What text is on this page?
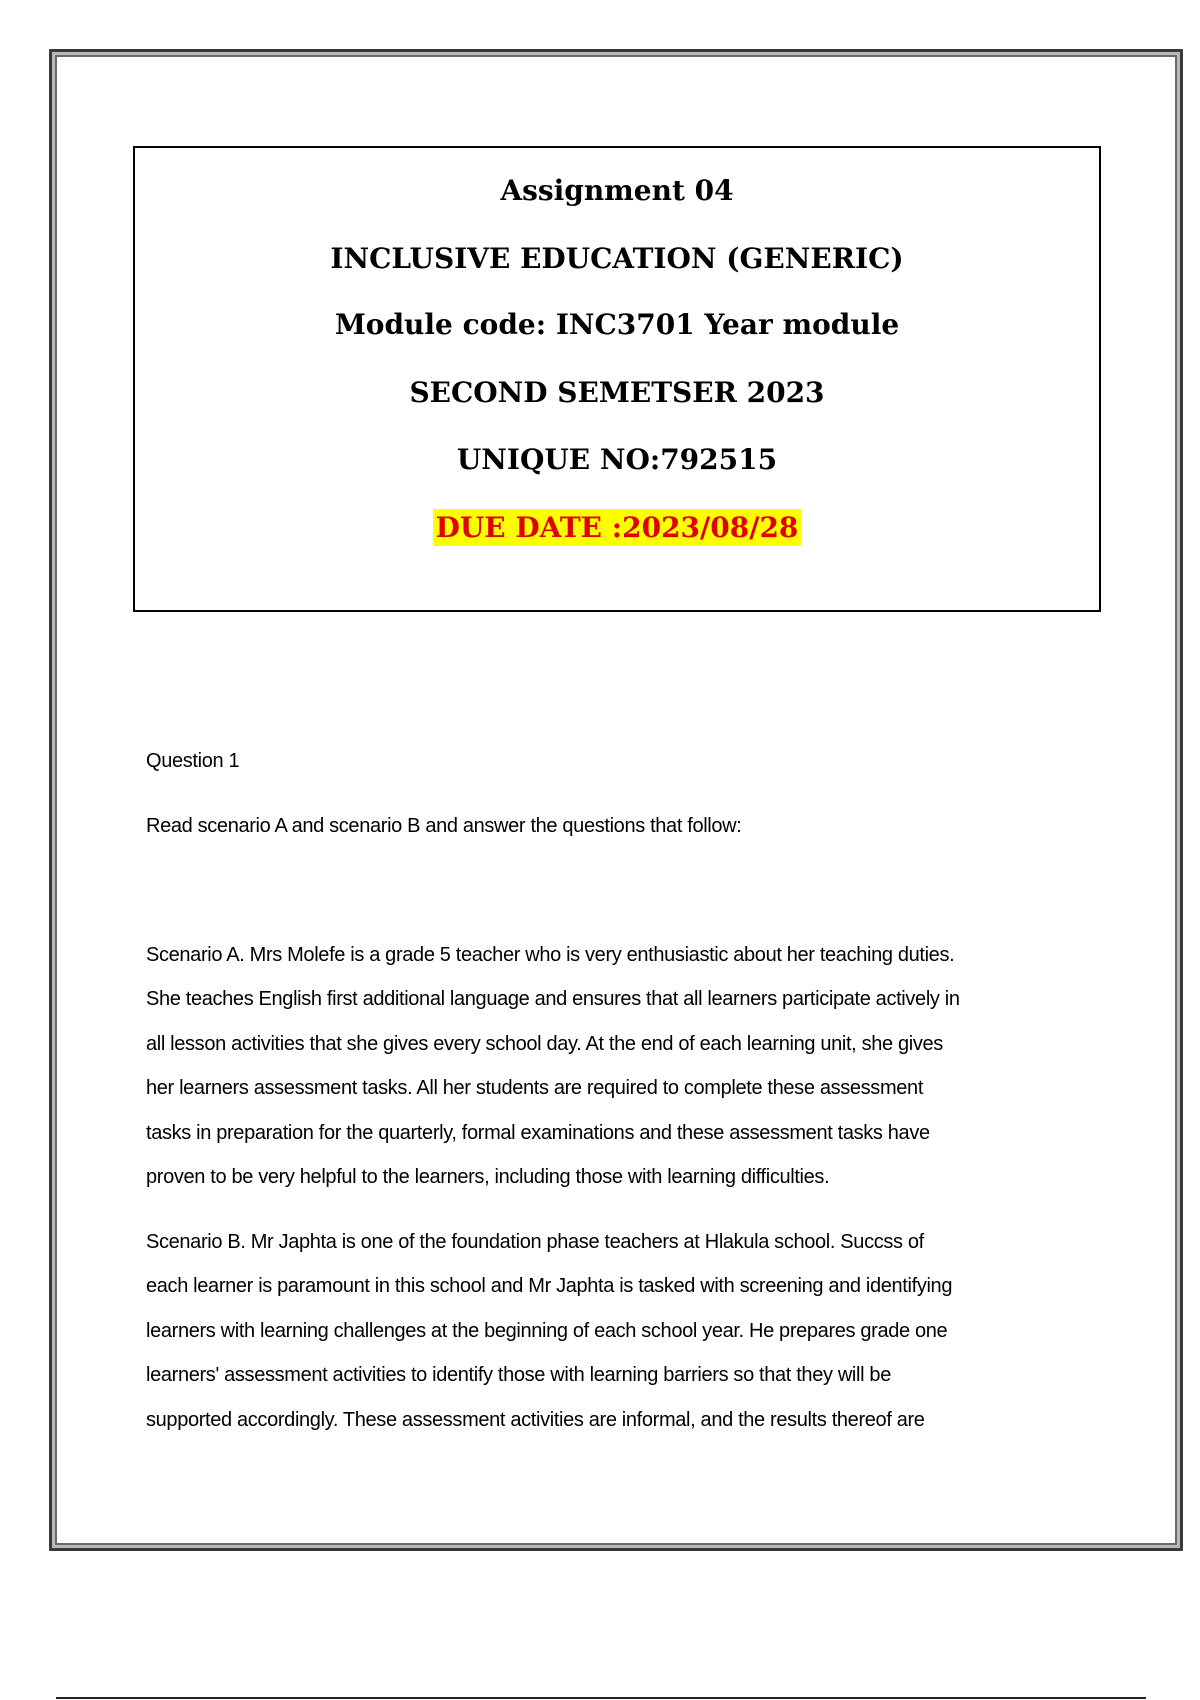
Assignment 04
INCLUSIVE EDUCATION (GENERIC)
Module code: INC3701 Year module
SECOND SEMETSER 2023
UNIQUE NO:792515
DUE DATE :2023/08/28
Question 1
Read scenario A and scenario B and answer the questions that follow:
Scenario A. Mrs Molefe is a grade 5 teacher who is very enthusiastic about her teaching duties.
She teaches English first additional language and ensures that all learners participate actively in
all lesson activities that she gives every school day. At the end of each learning unit, she gives
her learners assessment tasks. All her students are required to complete these assessment
tasks in preparation for the quarterly, formal examinations and these assessment tasks have
proven to be very helpful to the learners, including those with learning difficulties.
Scenario B. Mr Japhta is one of the foundation phase teachers at Hlakula school. Succss of
each learner is paramount in this school and Mr Japhta is tasked with screening and identifying
learners with learning challenges at the beginning of each school year. He prepares grade one
learners' assessment activities to identify those with learning barriers so that they will be
supported accordingly. These assessment activities are informal, and the results thereof are
